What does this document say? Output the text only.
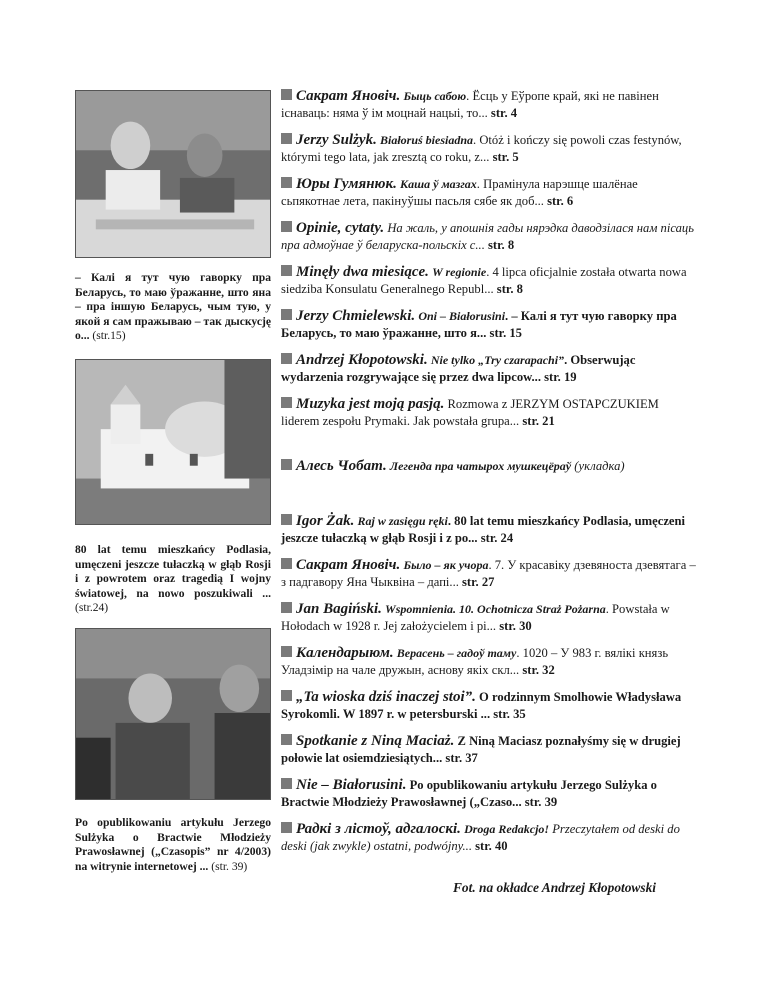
– Калі я тут чую гаворку пра Беларусь, то маю ўражанне, што яна – пра іншую Беларусь, чым тую, у якой я сам пражываю – так дыскусję о... (str.15)
80 lat temu mieszkańcy Podlasia, umęczeni jeszcze tułaczką w głąb Rosji i z powrotem oraz tragedią I wojny światowej, na nowo poszukiwali ... (str.24)
Po opublikowaniu artykułu Jerzego Sulżyka o Bractwie Młodzieży Prawosławnej („Czasopis” nr 4/2003) na witrynie internetowej ... (str. 39)
Сакрат Яновіч. Быць сабою. Ёсць у Еўропе край, які не павінен існаваць: няма ў ім моцнай нацыі, то... str. 4
Jerzy Sulżyk. Białoruś biesiadna. Otóż i kończy się powoli czas festynów, którymi tego lata, jak zresztą co roku, z... str. 5
Юры Гумянюк. Каша ў мазгах. Прамінула нарэшце шалёнае сьпякотнае лета, пакінуўшы пасьля сябе як доб... str. 6
Opinie, cytaty. На жаль, у апошнія гады нярэдка даводзілася нам пісаць пра адмоўнае ў беларуска-польскіх с... str. 8
Minęły dwa miesiące. W regionie. 4 lipca oficjalnie została otwarta nowa siedziba Konsulatu Generalnego Republ... str. 8
Jerzy Chmielewski. Oni – Białorusini. – Калі я тут чую гаворку пра Беларусь, то маю ўражанне, што я... str. 15
Andrzej Kłopotowski. Nie tylko „Try czarapachi”. Obserwując wydarzenia rozgrywające się przez dwa lipcow... str. 19
Muzyka jest moją pasją. Rozmowa z JERZYM OSTAPCZUKIEM liderem zespołu Prymaki. Jak powstała grupa... str. 21
Алесь Чобат. Легенда пра чатырох мушкецёраў (укладка)
Igor Żak. Raj w zasięgu ręki. 80 lat temu mieszkańcy Podlasia, umęczeni jeszcze tułaczką w głąb Rosji i z po... str. 24
Сакрат Яновіч. Было – як учора. 7. У красавіку дзевяноста дзевятага – з падгавору Яна Чыквіна – дапі... str. 27
Jan Bagiński. Wspomnienia. 10. Ochotnicza Straż Pożarna. Powstała w Hołodach w 1928 r. Jej założycielem i pi... str. 30
Календарыюм. Верасень – гадоў таму. 1020 – У 983 г. вялікі князь Уладзімір на чале дружын, аснову якіх скл... str. 32
„Ta wioska dziś inaczej stoi”. O rodzinnym Smolhowie Władysława Syrokomli. W 1897 r. w petersburski ... str. 35
Spotkanie z Niną Maciaż. Z Niną Maciasz poznałyśmy się w drugiej połowie lat osiemdziesiątych... str. 37
Nie – Białorusini. Po opublikowaniu artykułu Jerzego Sulżyka o Bractwie Młodzieży Prawosławnej („Czaso... str. 39
Радкі з лістоў, адгалоскі. Droga Redakcjo! Przeczytałem od deski do deski (jak zwykle) ostatni, podwójny... str. 40
Fot. na okładce Andrzej Kłopotowski
